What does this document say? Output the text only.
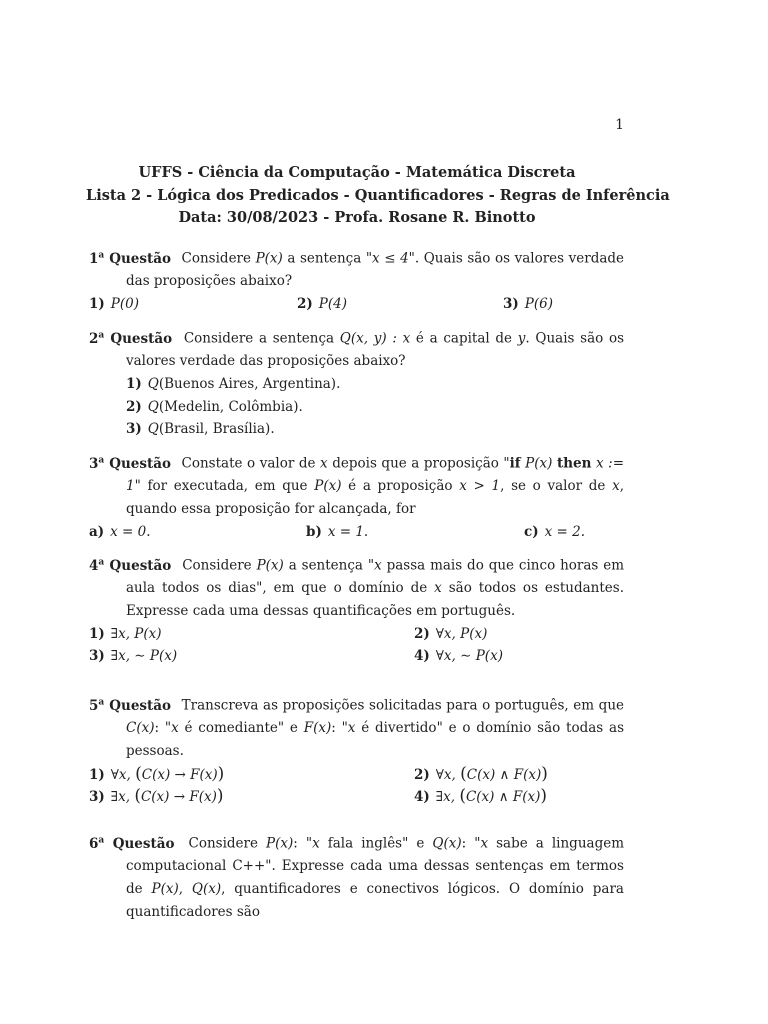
1
UFFS - Ciência da Computação - Matemática Discreta
Lista 2 - Lógica dos Predicados - Quantificadores - Regras de Inferência
Data: 30/08/2023 - Profa. Rosane R. Binotto
1$^a$ Questão Considere P(x) a sentença "x ≤ 4". Quais são os valores verdade das proposições abaixo?
1) P(0)	2) P(4)	3) P(6)
2$^a$ Questão Considere a sentença Q(x, y) : x é a capital de y. Quais são os valores verdade das proposições abaixo?
1) Q(Buenos Aires, Argentina).
2) Q(Medelin, Colômbia).
3) Q(Brasil, Brasília).
3$^a$ Questão Constate o valor de x depois que a proposição "if P(x) then x := 1" for executada, em que P(x) é a proposição x > 1, se o valor de x, quando essa proposição for alcançada, for
a) x = 0.	b) x = 1.	c) x = 2.
4$^a$ Questão Considere P(x) a sentença "x passa mais do que cinco horas em aula todos os dias", em que o domínio de x são todos os estudantes. Expresse cada uma dessas quantificações em português.
1) ∃x, P(x)	2) ∀x, P(x)
3) ∃x, ∼ P(x)	4) ∀x, ∼ P(x)
5$^a$ Questão Transcreva as proposições solicitadas para o português, em que C(x): "x é comediante" e F(x): "x é divertido" e o domínio são todas as pessoas.
1) ∀x, (C(x) → F(x))	2) ∀x, (C(x) ∧ F(x))
3) ∃x, (C(x) → F(x))	4) ∃x, (C(x) ∧ F(x))
6$^a$ Questão Considere P(x): "x fala inglês" e Q(x): "x sabe a linguagem computacional C++". Expresse cada uma dessas sentenças em termos de P(x), Q(x), quantificadores e conectivos lógicos. O domínio para quantificadores são
